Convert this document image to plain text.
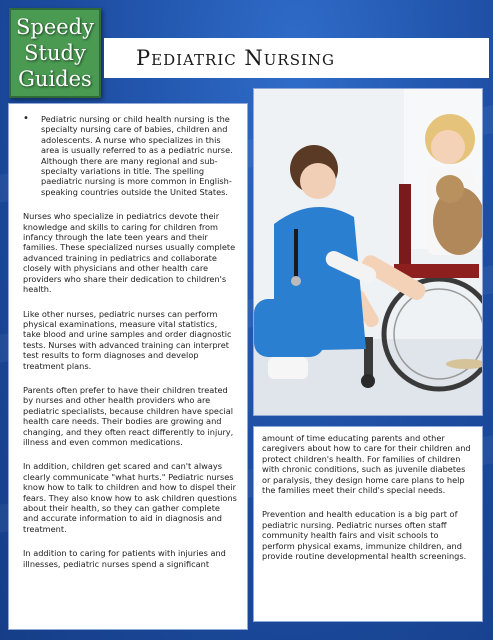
Speedy
Study
Guides
Pediatric Nursing

• Pediatric nursing or child health nursing is the specialty nursing care of babies, children and adolescents. A nurse who specializes in this area is usually referred to as a pediatric nurse. Although there are many regional and sub-specialty variations in title. The spelling paediatric nursing is more common in English-speaking countries outside the United States.

Nurses who specialize in pediatrics devote their knowledge and skills to caring for children from infancy through the late teen years and their families. These specialized nurses usually complete advanced training in pediatrics and collaborate closely with physicians and other health care providers who share their dedication to children's health.

Like other nurses, pediatric nurses can perform physical examinations, measure vital statistics, take blood and urine samples and order diagnostic tests. Nurses with advanced training can interpret test results to form diagnoses and develop treatment plans.

Parents often prefer to have their children treated by nurses and other health providers who are pediatric specialists, because children have special health care needs. Their bodies are growing and changing, and they often react differently to injury, illness and even common medications.

In addition, children get scared and can't always clearly communicate "what hurts." Pediatric nurses know how to talk to children and how to dispel their fears. They also know how to ask children questions about their health, so they can gather complete and accurate information to aid in diagnosis and treatment.

In addition to caring for patients with injuries and illnesses, pediatric nurses spend a significant

amount of time educating parents and other caregivers about how to care for their children and protect children's health. For families of children with chronic conditions, such as juvenile diabetes or paralysis, they design home care plans to help the families meet their child's special needs.

Prevention and health education is a big part of pediatric nursing. Pediatric nurses often staff community health fairs and visit schools to perform physical exams, immunize children, and provide routine developmental health screenings.
